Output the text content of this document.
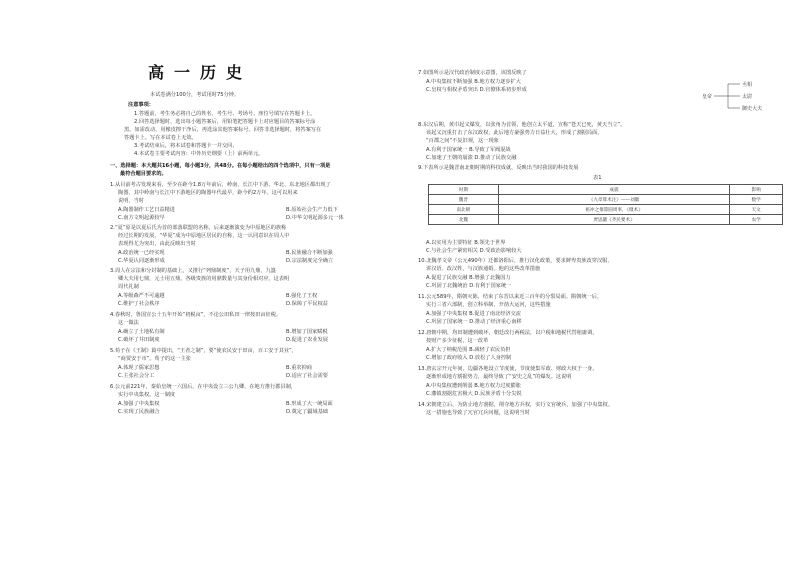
高一历史
本试卷满分100分，考试用时75分钟。
注意事项：
1.答题前，考生务必将自己的姓名、考生号、考场号、座位号填写在答题卡上。
2.回答选择题时，选出每小题答案后，用铅笔把答题卡上对应题目的答案标号涂
黑。如需改动，用橡皮擦干净后，再选涂其他答案标号。回答非选择题时，将答案写在
答题卡上。写在本试卷上无效。
3.考试结束后，将本试卷和答题卡一并交回。
4.本试卷主要考试内容：中外历史纲要（上）前两单元。
一、选择题：本大题共16小题，每小题3分，共48分。在每小题给出的四个选项中，只有一项是
最符合题目要求的。
1.从目前考古发现来看，至少在距今1.8万年前后，岭南、长江中下游、华北、东北地区都出现了
陶器，其中岭南与长江中下游地区的陶器年代最早，距今约2万年。这可以用来
说明，当时
A.陶器制作工艺日益精进	B.原始社会生产力低下
C.南方文明起源较早	D.中华文明起源多元一体
2.“夏”原是以夏后氏为首的部落联盟的名称，后来逐渐演变为中原地区的族称
经过长期的发展，“华夏”成为中原地区居民的自称，这一认同意识在周人中
表现得尤为突出，由此反映出当时
A.政治统一已经实现	B.民族融合不断加强
C.华夏认同逐渐形成	D.宗法制度完全确立
3.周人在宗法和分封制的基础上，又推行“列鼎制度”，天子用九鼎，九簋
卿大夫用七鼎，元士用五鼎。各级贵族的用鼎数量与其身份相对应。这表明
周代礼制
A.等级森严不可逾越	B.强化了王权
C.维护了社会秩序	D.保障了平民权益
4.春秋时，鲁国宣公十五年开始“初税亩”，不论公田私田一律按田亩征税。
这一做法
A.确立了土地私有制	B.增加了国家赋税
C.破坏了井田制度	D.促进了农业发展
5.荀子在《王制》篇中提出，“王者之制”，要“使农民安于田亩，百工安于其业”，
“商贾安于市”。荀子的这一主张
A.体现了儒家思想	B.重农抑商
C.主张社会分工	D.适应了社会需要
6.公元前221年，秦始皇统一六国后，在中央设立三公九卿，在地方推行郡县制，
实行中央集权。这一制度
A.加强了中央集权	B.形成了大一统局面
C.实现了民族融合	D.奠定了疆域基础
7.如图所示是汉代政治制度示意图，该图反映了
A.中央集权不断加强 B.地方权力逐步扩大
C.皇权与相权矛盾突出 D.官僚体系初步形成
皇帝
丞相
太尉
御史大夫
8.东汉后期，黄巾起义爆发，以张角为首领，他创立太平道，宣称“苍天已死，黄天当立”。
该起义沉重打击了东汉政权，此后地方豪强势力日益壮大，形成了割据局面，
“百郡之间”不复旧观，这一现象
A.有利于国家统一 B.导致了军阀混战
C.加速了王朝的崩溃 D.推动了民族交融
9.下表所示是魏晋南北朝时期的科技成就，反映出当时我国的科技发展
表1
时期	成就	影响
魏晋	《九章算术注》——刘徽	数学
南北朝	祖冲之推算圆周率，《缀术》	天文
北魏	贾思勰《齐民要术》	农学
A.以实用为主要特征 B.领先于世界
C.与社会生产紧密相关 D.受政治影响较大
10.北魏孝文帝（公元490年）迁都洛阳后，推行汉化政策，要求鲜卑贵族改穿汉服、
讲汉语、改汉姓，与汉族通婚。他的这些改革措施
A.促进了民族交融 B.增强了北魏国力
C.巩固了北魏统治 D.有利于国家统一
11.公元589年，隋朝灭陈，结束了东晋以来近三百年的分裂局面。隋朝统一后，
实行三省六部制，创立科举制，开凿大运河，这些措施
A.加强了中央集权 B.促进了南北经济交流
C.巩固了国家统一 D.推动了经济重心南移
12.唐朝中期，均田制遭到破坏，朝廷改行两税法，以户税和地税代替租庸调，
按财产多少征税，这一改革
A.扩大了纳税范围 B.减轻了农民负担
C.增加了政府收入 D.放松了人身控制
13.唐玄宗开元年间，边疆各地设立节度使，节度使集军政、财政大权于一身，
逐渐形成地方割据势力，最终导致了“安史之乱”的爆发。这说明
A.中央集权遭到削弱 B.地方权力过度膨胀
C.藩镇割据危害极大 D.民族矛盾十分尖锐
14.宋朝建立后，为防止地方割据，削夺地方兵权，实行文官统兵，加强了中央集权。
这一措施也导致了冗官冗兵问题，这说明当时
